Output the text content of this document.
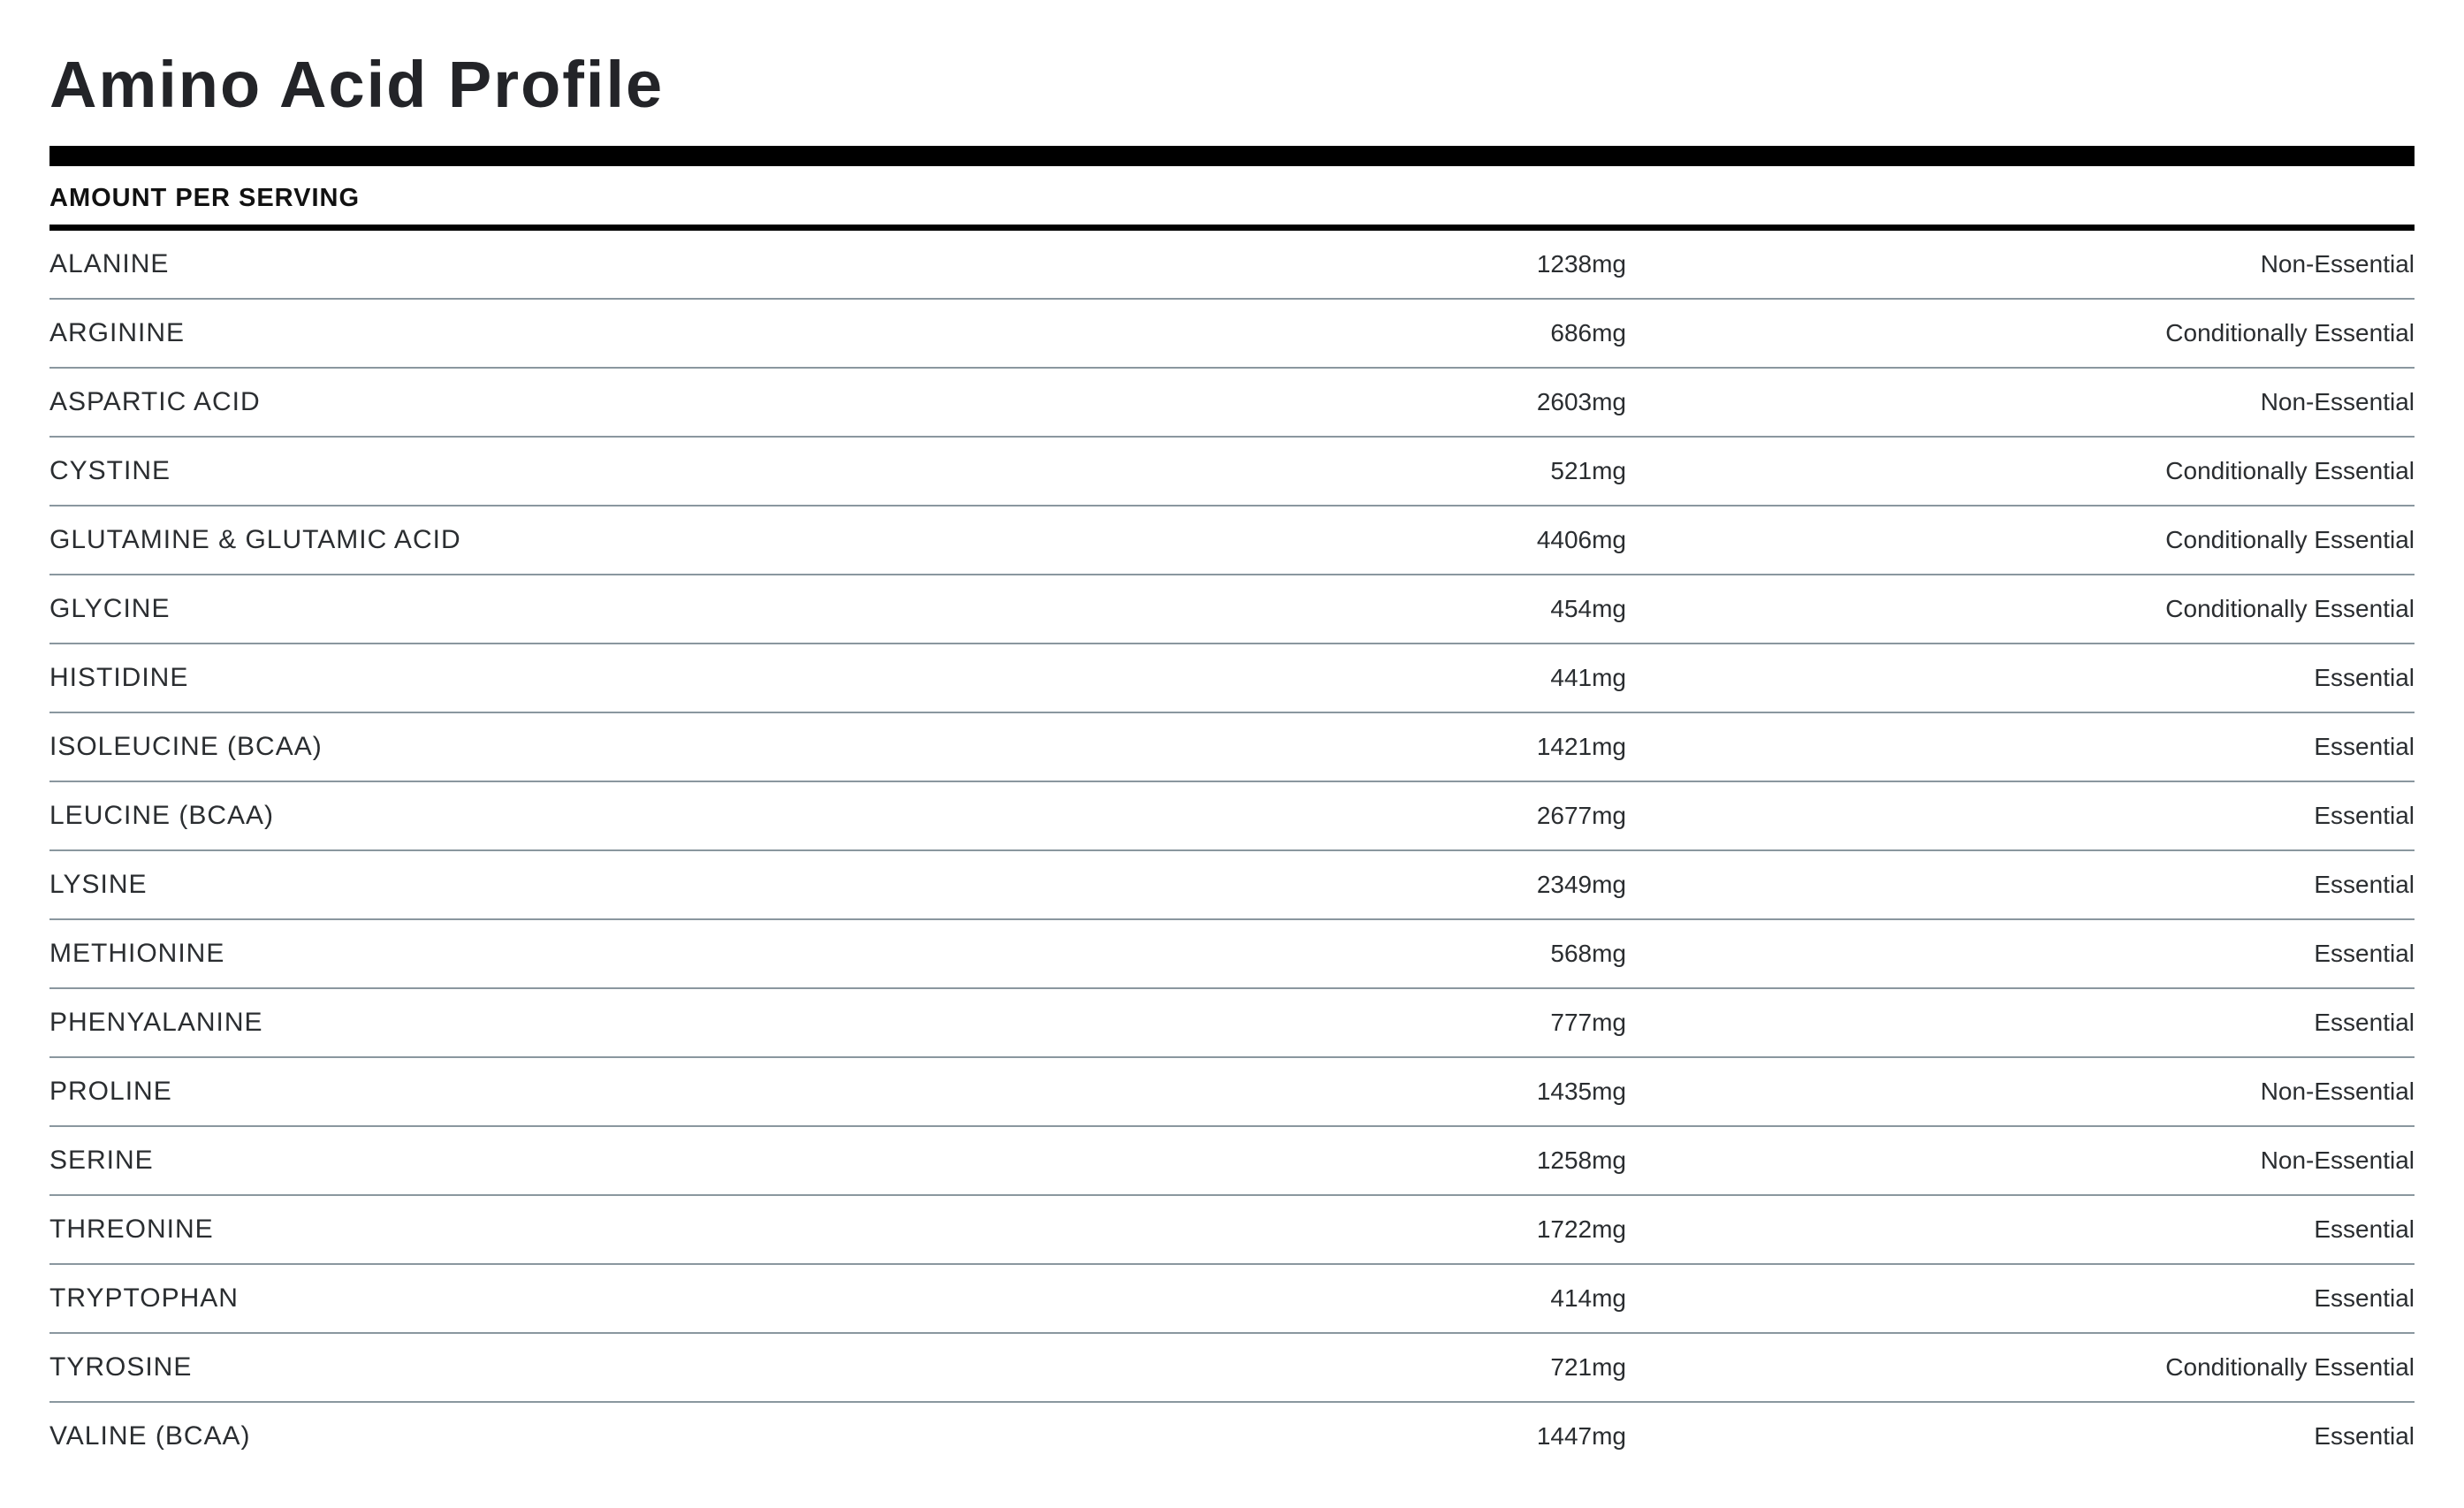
Amino Acid Profile
AMOUNT PER SERVING
ALANINE	1238mg	Non-Essential
ARGININE	686mg	Conditionally Essential
ASPARTIC ACID	2603mg	Non-Essential
CYSTINE	521mg	Conditionally Essential
GLUTAMINE & GLUTAMIC ACID	4406mg	Conditionally Essential
GLYCINE	454mg	Conditionally Essential
HISTIDINE	441mg	Essential
ISOLEUCINE (BCAA)	1421mg	Essential
LEUCINE (BCAA)	2677mg	Essential
LYSINE	2349mg	Essential
METHIONINE	568mg	Essential
PHENYALANINE	777mg	Essential
PROLINE	1435mg	Non-Essential
SERINE	1258mg	Non-Essential
THREONINE	1722mg	Essential
TRYPTOPHAN	414mg	Essential
TYROSINE	721mg	Conditionally Essential
VALINE (BCAA)	1447mg	Essential
